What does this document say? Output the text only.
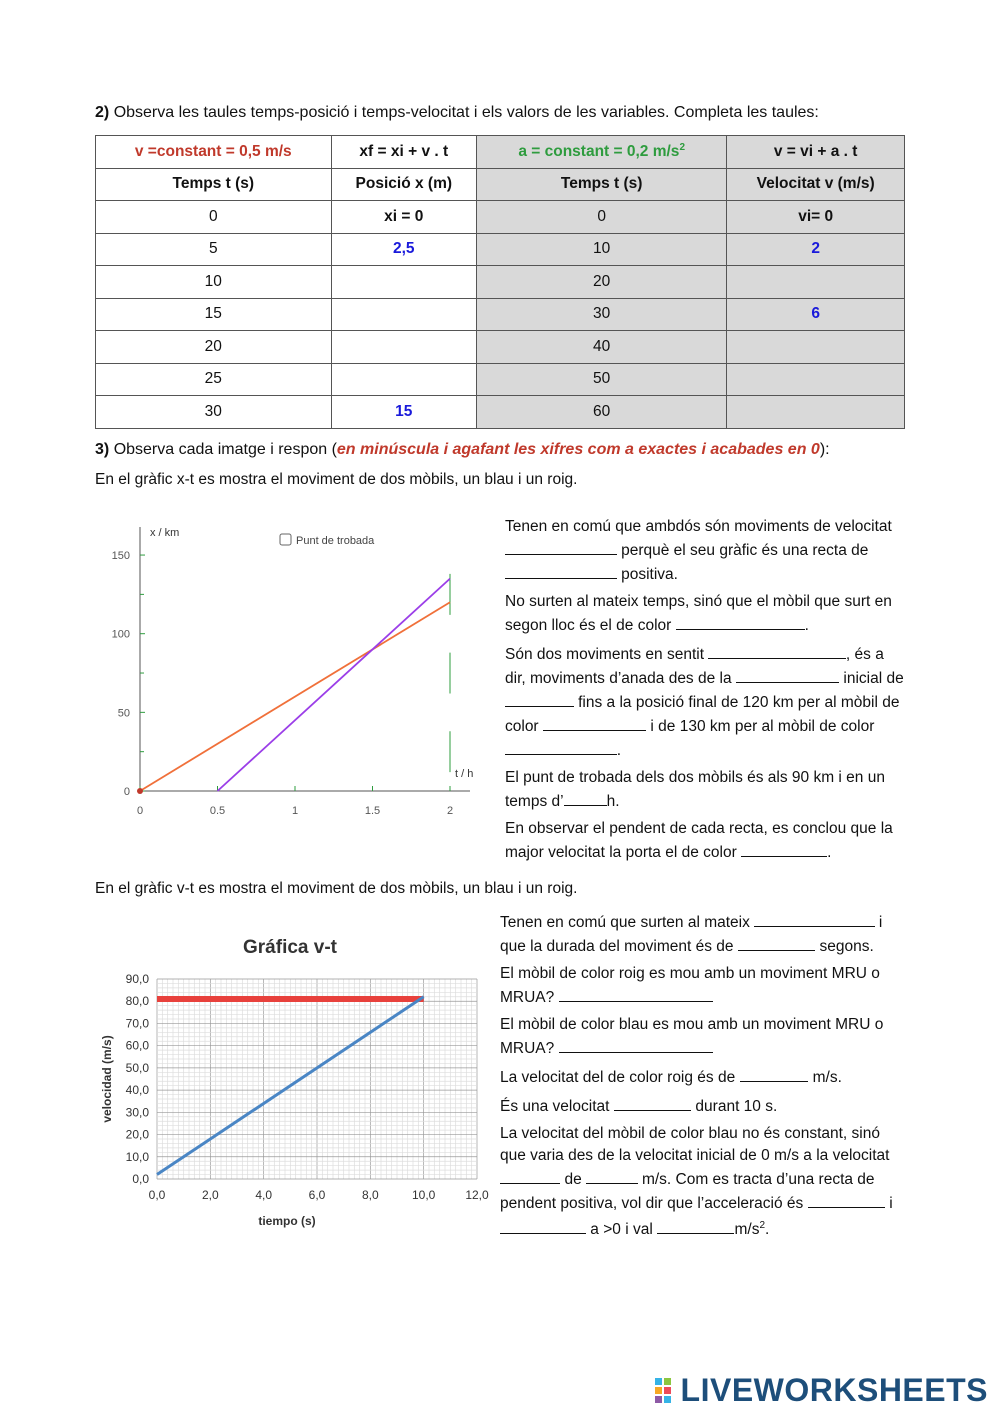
2) Observa les taules temps-posició i temps-velocitat i els valors de les variables. Completa les taules:
v =constant = 0,5 m/s	xf = xi + v . t	a = constant = 0,2 $m/s^2$	v = vi + a . t
Temps t (s)	Posició x (m)	Temps t (s)	Velocitat v (m/s)
0	xi = 0	0	vi= 0
5	2,5	10	2
10		20	
15		30	6
20		40	
25		50	
30	15	60	
3) Observa cada imatge i respon (en minúscula i agafant les xifres com a exactes i acabades en 0):
En el gràfic x-t es mostra el moviment de dos mòbils, un blau i un roig.
0
50
100
150
0	0.5	1	1.5	2
x / km
t / h
Punt de trobada

Tenen en comú que ambdós són moviments de velocitat  perquè el seu gràfic és una recta de  positiva.

No surten al mateix temps, sinó que el mòbil que surt en segon lloc és el de color	.

Són dos moviments en sentit	, és a dir, moviments d’anada des de la	inicial de  fins a la posició final de 120 km per al mòbil de color	i de 130 km per al mòbil de color .

El punt de trobada dels dos mòbils és als 90 km i en un temps d’	h.

En observar el pendent de cada recta, es conclou que la major velocitat la porta el de color	.

En el gràfic v-t es mostra el moviment de dos mòbils, un blau i un roig.
Gráfica v-t
0,0
10,0
20,0
30,0
40,0
50,0
60,0
70,0
80,0
90,0
0,0	2,0	4,0	6,0	8,0	10,0 12,0
tiempo (s)
velocidad (m/s)

Tenen en comú que surten al mateix	i que la durada del moviment és de	segons.

El mòbil de color roig es mou amb un moviment MRU o MRUA?

El mòbil de color blau es mou amb un moviment MRU o MRUA?

La velocitat del de color roig és de	m/s.

És una velocitat	durant 10 s.

La velocitat del mòbil de color blau no és constant, sinó que varia des de la velocitat inicial de 0 m/s a la velocitat  de	m/s. Com es tracta d’una recta de pendent positiva, vol dir que l’acceleració és	i  a >0 i val	$m/s^2$.

LIVEWORKSHEETS
